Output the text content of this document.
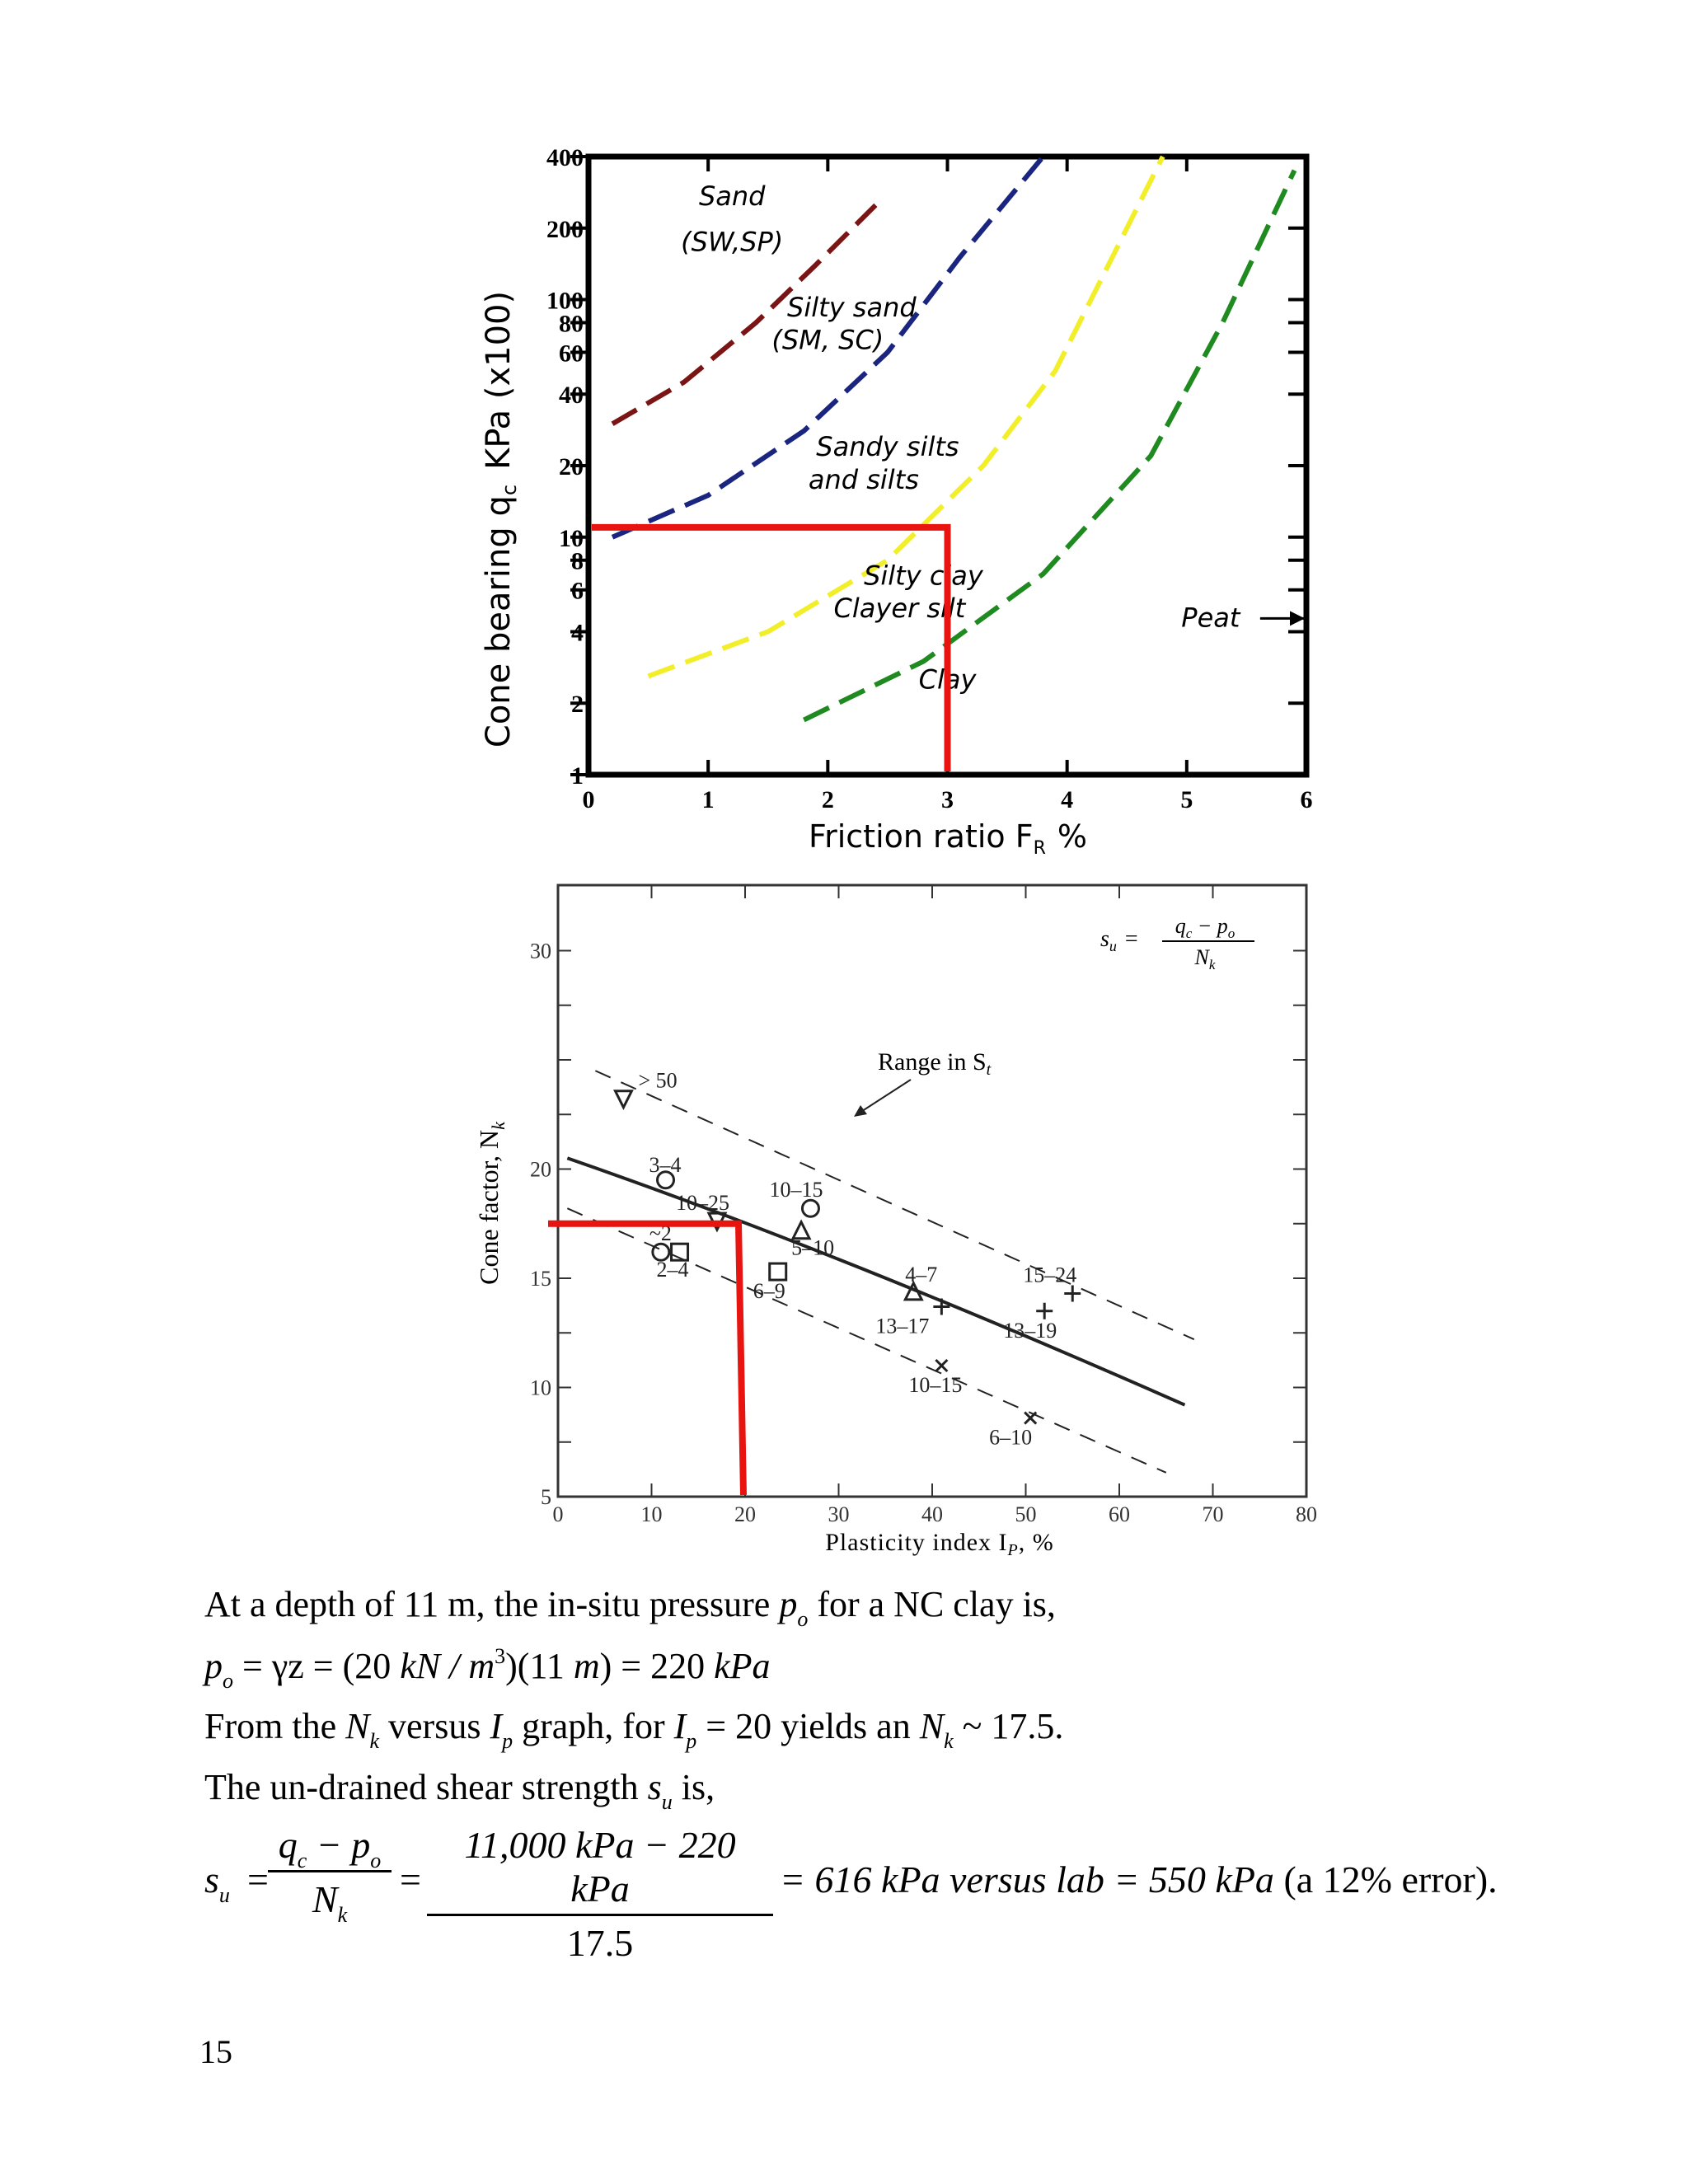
0	1	2	3	4	5	6
400
200
100
80
60
40
20
10
8
6
4
2
1
Sand
(SW,SP)
Silty sand
(SM, SC)
Sandy silts
and silts
Silty clay
Clayer silt
Clay
Peat
Cone bearing $q_cKPa$ (x100)
Friction ratio $F_R$ %
0	10	20	30	40	50	60	70	80
30
20
15
10
5
> 50
3–4
10–25
~2
2–4
10–15
5–10
6–9
4–7
13–17
15–24
13–19
10–15
6–10
Cone factor, $N_k$
Plasticity index $I_P$, %
$s_u$ =
$q_c - p_o$
$N_k$
Range in $S_t$
At a depth of 11 m, the in-situ pressure $p_o$ for a NC clay is,
$p_o = \gamma z = (20$ kN / $m^3)(11$ m) = 220 kPa
From the $N_k$ versus $I_p$ graph, for $I_p = 20$ yields an $N_k$ ~ 17.5.
The un-drained shear strength $s_u$ is,
$s_u = \frac{q_c - p_o}{N_k}$ =
11,000 kPa − 220 kPa
17.5
= 616 kPa versus lab = 550 kPa (a 12% error).
15
